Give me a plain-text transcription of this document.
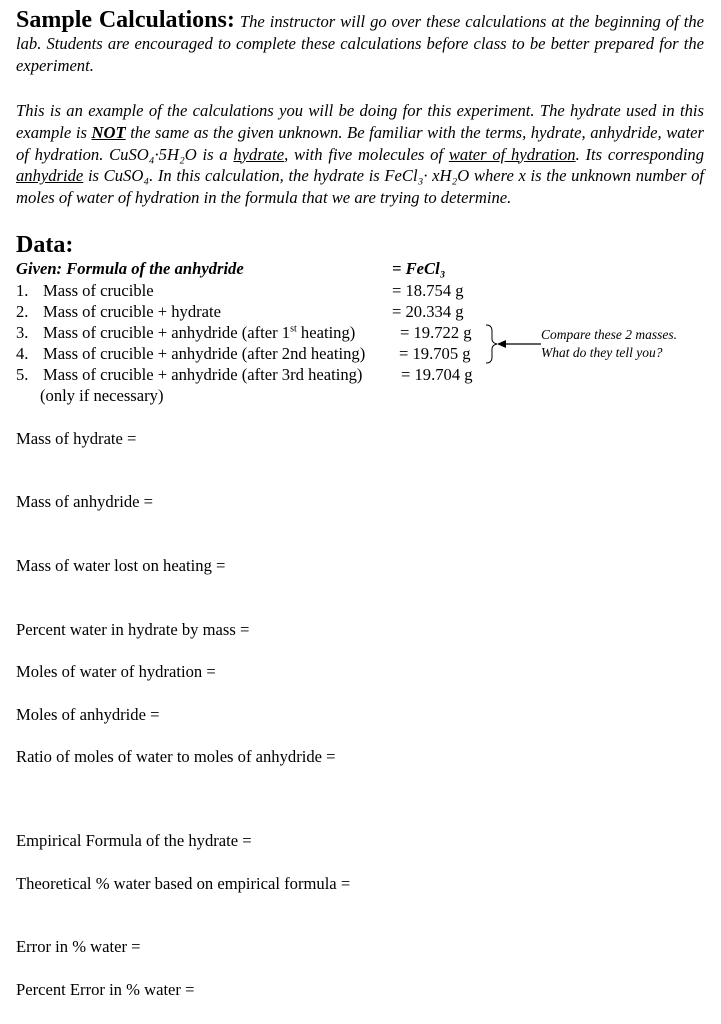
Sample Calculations: The instructor will go over these calculations at the beginning of the lab. Students are encouraged to complete these calculations before class to be better prepared for the experiment.
This is an example of the calculations you will be doing for this experiment. The hydrate used in this example is NOT the same as the given unknown. Be familiar with the terms, hydrate, anhydride, water of hydration. CuSO₄·5H₂O is a hydrate, with five molecules of water of hydration. Its corresponding anhydride is CuSO₄. In this calculation, the hydrate is FeCl₃· xH₂O where x is the unknown number of moles of water of hydration in the formula that we are trying to determine.
Data:
Given: Formula of the anhydride	= FeCl₃
1. Mass of crucible	= 18.754 g
2. Mass of crucible + hydrate	= 20.334 g
3. Mass of crucible + anhydride (after 1st heating)	= 19.722 g
4. Mass of crucible + anhydride (after 2nd heating) = 19.705 g
5. Mass of crucible + anhydride (after 3rd heating) = 19.704 g
(only if necessary)
Compare these 2 masses.
What do they tell you?
Mass of hydrate =
Mass of anhydride =
Mass of water lost on heating =
Percent water in hydrate by mass =
Moles of water of hydration =
Moles of anhydride =
Ratio of moles of water to moles of anhydride =
Empirical Formula of the hydrate =
Theoretical % water based on empirical formula =
Error in % water =
Percent Error in % water =
